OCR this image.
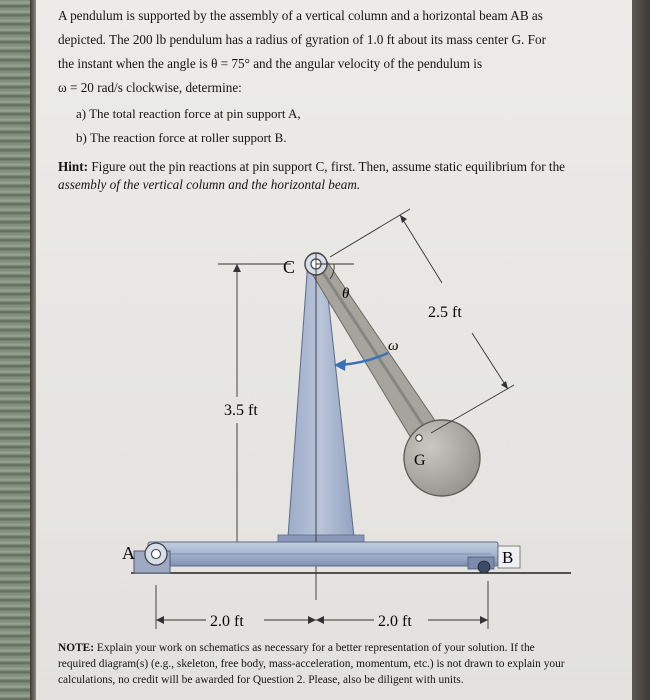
A pendulum is supported by the assembly of a vertical column and a horizontal beam AB as

depicted. The 200 lb pendulum has a radius of gyration of 1.0 ft about its mass center G. For

the instant when the angle is θ = 75° and the angular velocity of the pendulum is

ω = 20 rad/s clockwise, determine:

a) The total reaction force at pin support A,
b) The reaction force at roller support B.
Hint: Figure out the pin reactions at pin support C, first. Then, assume static equilibrium for the
assembly of the vertical column and the horizontal beam.
G
C
θ
ω
2.5 ft
3.5 ft
A	B
2.0 ft	2.0 ft
NOTE: Explain your work on schematics as necessary for a better representation of your solution. If the
required diagram(s) (e.g., skeleton, free body, mass-acceleration, momentum, etc.) is not drawn to explain your
calculations, no credit will be awarded for Question 2. Please, also be diligent with units.
